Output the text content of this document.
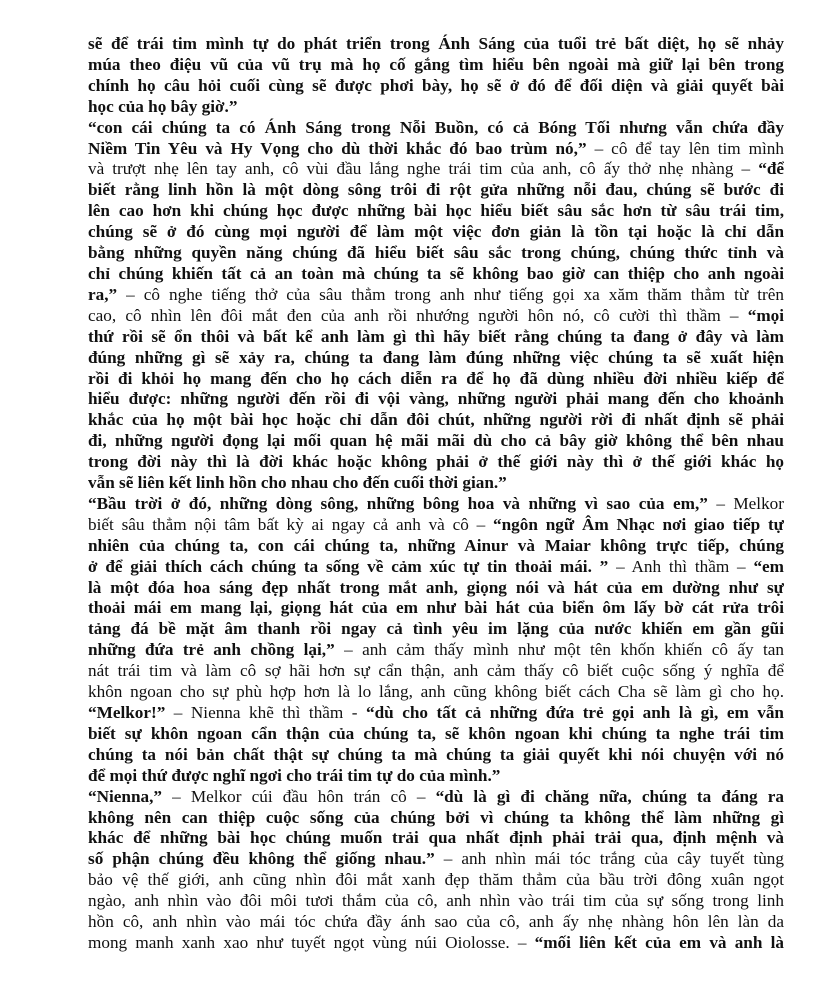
sẽ để trái tim mình tự do phát triển trong Ánh Sáng của tuổi trẻ bất diệt, họ sẽ nhảy
múa theo điệu vũ của vũ trụ mà họ cố gắng tìm hiểu bên ngoài mà giữ lại bên trong
chính họ câu hỏi cuối cùng sẽ được phơi bày, họ sẽ ở đó để đối diện và giải quyết bài
học của họ bây giờ.”
“con cái chúng ta có Ánh Sáng trong Nỗi Buồn, có cả Bóng Tối nhưng vẫn chứa đầy
Niềm Tin Yêu và Hy Vọng cho dù thời khắc đó bao trùm nó,” – cô để tay lên tim mình
và trượt nhẹ lên tay anh, cô vùi đầu lắng nghe trái tim của anh, cô ấy thở nhẹ nhàng – “để
biết rằng linh hồn là một dòng sông trôi đi rột gửa những nỗi đau, chúng sẽ bước đi
lên cao hơn khi chúng học được những bài học hiểu biết sâu sắc hơn từ sâu trái tim,
chúng sẽ ở đó cùng mọi người để làm một việc đơn giản là tồn tại hoặc là chỉ dẫn
bằng những quyền năng chúng đã hiểu biết sâu sắc trong chúng, chúng thức tỉnh và
chỉ chúng khiến tất cả an toàn mà chúng ta sẽ không bao giờ can thiệp cho anh ngoài
ra,” – cô nghe tiếng thở của sâu thẳm trong anh như tiếng gọi xa xăm thăm thẳm từ trên
cao, cô nhìn lên đôi mắt đen của anh rồi nhướng người hôn nó, cô cười thì thầm – “mọi
thứ rồi sẽ ổn thôi và bất kể anh làm gì thì hãy biết rằng chúng ta đang ở đây và làm
đúng những gì sẽ xảy ra, chúng ta đang làm đúng những việc chúng ta sẽ xuất hiện
rồi đi khỏi họ mang đến cho họ cách diễn ra để họ đã dùng nhiều đời nhiều kiếp để
hiểu được: những người đến rồi đi vội vàng, những người phải mang đến cho khoảnh
khắc của họ một bài học hoặc chỉ dẫn đôi chút, những người rời đi nhất định sẽ phải
đi, những người đọng lại mối quan hệ mãi mãi dù cho cả bây giờ không thể bên nhau
trong đời này thì là đời khác hoặc không phải ở thế giới này thì ở thế giới khác họ
vẫn sẽ liên kết linh hồn cho nhau cho đến cuối thời gian.”
“Bầu trời ở đó, những dòng sông, những bông hoa và những vì sao của em,” – Melkor
biết sâu thẳm nội tâm bất kỳ ai ngay cả anh và cô – “ngôn ngữ Âm Nhạc nơi giao tiếp tự
nhiên của chúng ta, con cái chúng ta, những Ainur và Maiar không trực tiếp, chúng
ở để giải thích cách chúng ta sống về cảm xúc tự tin thoải mái. ” – Anh thì thầm – “em
là một đóa hoa sáng đẹp nhất trong mắt anh, giọng nói và hát của em dường như sự
thoải mái em mang lại, giọng hát của em như bài hát của biển ôm lấy bờ cát rửa trôi
tảng đá bề mặt âm thanh rồi ngay cả tình yêu im lặng của nước khiến em gần gũi
những đứa trẻ anh chồng lại,” – anh cảm thấy mình như một tên khốn khiến cô ấy tan
nát trái tim và làm cô sợ hãi hơn sự cẩn thận, anh cảm thấy cô biết cuộc sống ý nghĩa để
khôn ngoan cho sự phù hợp hơn là lo lắng, anh cũng không biết cách Cha sẽ làm gì cho họ.
“Melkor!” – Nienna khẽ thì thầm - “dù cho tất cả những đứa trẻ gọi anh là gì, em vẫn
biết sự khôn ngoan cẩn thận của chúng ta, sẽ khôn ngoan khi chúng ta nghe trái tim
chúng ta nói bản chất thật sự chúng ta mà chúng ta giải quyết khi nói chuyện với nó
để mọi thứ được nghĩ ngơi cho trái tim tự do của mình.”
“Nienna,” – Melkor cúi đầu hôn trán cô – “dù là gì đi chăng nữa, chúng ta đáng ra
không nên can thiệp cuộc sống của chúng bởi vì chúng ta không thể làm những gì
khác để những bài học chúng muốn trải qua nhất định phải trải qua, định mệnh và
số phận chúng đều không thể giống nhau.” – anh nhìn mái tóc trắng của cây tuyết tùng
bảo vệ thế giới, anh cũng nhìn đôi mắt xanh đẹp thăm thẳm của bầu trời đông xuân ngọt
ngào, anh nhìn vào đôi môi tươi thắm của cô, anh nhìn vào trái tim của sự sống trong linh
hồn cô, anh nhìn vào mái tóc chứa đầy ánh sao của cô, anh ấy nhẹ nhàng hôn lên làn da
mong manh xanh xao như tuyết ngọt vùng núi Oiolosse. – “mối liên kết của em và anh là
